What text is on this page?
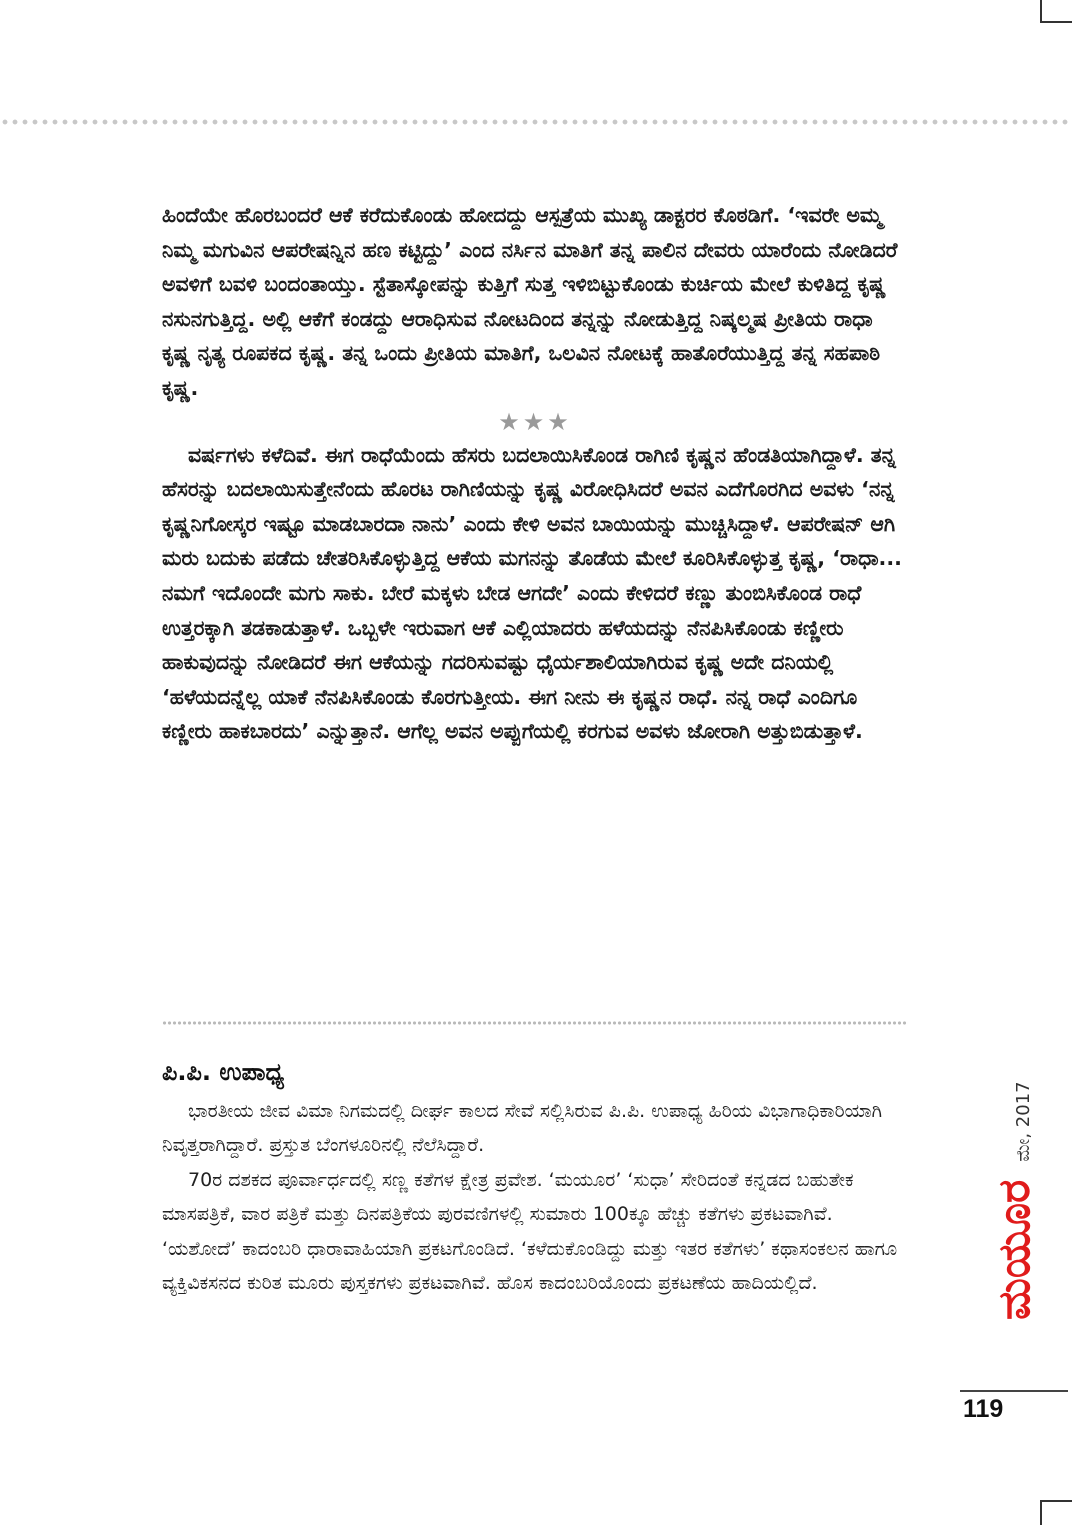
ಹಿಂದೆಯೇ ಹೊರಬಂದರೆ ಆಕೆ ಕರೆದುಕೊಂಡು ಹೋದದ್ದು ಆಸ್ಪತ್ರೆಯ ಮುಖ್ಯ ಡಾಕ್ಟರರ ಕೊಠಡಿಗೆ. ‘ಇವರೇ ಅಮ್ಮ ನಿಮ್ಮ ಮಗುವಿನ ಆಪರೇಷನ್ನಿನ ಹಣ ಕಟ್ಟಿದ್ದು’ ಎಂದ ನರ್ಸಿನ ಮಾತಿಗೆ ತನ್ನ ಪಾಲಿನ ದೇವರು ಯಾರೆಂದು ನೋಡಿದರೆ ಅವಳಿಗೆ ಬವಳಿ ಬಂದಂತಾಯ್ತು. ಸ್ಟೆತಾಸ್ಕೋಪನ್ನು ಕುತ್ತಿಗೆ ಸುತ್ತ ಇಳಿಬಿಟ್ಟುಕೊಂಡು ಕುರ್ಚಿಯ ಮೇಲೆ ಕುಳಿತಿದ್ದ ಕೃಷ್ಣ ನಸುನಗುತ್ತಿದ್ದ. ಅಲ್ಲಿ ಆಕೆಗೆ ಕಂಡದ್ದು ಆರಾಧಿಸುವ ನೋಟದಿಂದ ತನ್ನನ್ನು ನೋಡುತ್ತಿದ್ದ ನಿಷ್ಕಲ್ಮಷ ಪ್ರೀತಿಯ ರಾಧಾ ಕೃಷ್ಣ ನೃತ್ಯ ರೂಪಕದ ಕೃಷ್ಣ. ತನ್ನ ಒಂದು ಪ್ರೀತಿಯ ಮಾತಿಗೆ, ಒಲವಿನ ನೋಟಕ್ಕೆ ಹಾತೊರೆಯುತ್ತಿದ್ದ ತನ್ನ ಸಹಪಾಠಿ ಕೃಷ್ಣ.

★★★

ವರ್ಷಗಳು ಕಳೆದಿವೆ. ಈಗ ರಾಧೆಯೆಂದು ಹೆಸರು ಬದಲಾಯಿಸಿಕೊಂಡ ರಾಗಿಣಿ ಕೃಷ್ಣನ ಹೆಂಡತಿಯಾಗಿದ್ದಾಳೆ. ತನ್ನ ಹೆಸರನ್ನು ಬದಲಾಯಿಸುತ್ತೇನೆಂದು ಹೊರಟ ರಾಗಿಣಿಯನ್ನು ಕೃಷ್ಣ ವಿರೋಧಿಸಿದರೆ ಅವನ ಎದೆಗೊರಗಿದ ಅವಳು ‘ನನ್ನ ಕೃಷ್ಣನಿಗೋಸ್ಕರ ಇಷ್ಟೂ ಮಾಡಬಾರದಾ ನಾನು’ ಎಂದು ಕೇಳಿ ಅವನ ಬಾಯಿಯನ್ನು ಮುಚ್ಚಿಸಿದ್ದಾಳೆ. ಆಪರೇಷನ್ ಆಗಿ ಮರು ಬದುಕು ಪಡೆದು ಚೇತರಿಸಿಕೊಳ್ಳುತ್ತಿದ್ದ ಆಕೆಯ ಮಗನನ್ನು ತೊಡೆಯ ಮೇಲೆ ಕೂರಿಸಿಕೊಳ್ಳುತ್ತ ಕೃಷ್ಣ, ‘ರಾಧಾ... ನಮಗೆ ಇದೊಂದೇ ಮಗು ಸಾಕು. ಬೇರೆ ಮಕ್ಕಳು ಬೇಡ ಆಗದೇ’ ಎಂದು ಕೇಳಿದರೆ ಕಣ್ಣು ತುಂಬಿಸಿಕೊಂಡ ರಾಧೆ ಉತ್ತರಕ್ಕಾಗಿ ತಡಕಾಡುತ್ತಾಳೆ. ಒಬ್ಬಳೇ ಇರುವಾಗ ಆಕೆ ಎಲ್ಲಿಯಾದರು ಹಳೆಯದನ್ನು ನೆನಪಿಸಿಕೊಂಡು ಕಣ್ಣೀರು ಹಾಕುವುದನ್ನು ನೋಡಿದರೆ ಈಗ ಆಕೆಯನ್ನು ಗದರಿಸುವಷ್ಟು ಧೈರ್ಯಶಾಲಿಯಾಗಿರುವ ಕೃಷ್ಣ ಅದೇ ದನಿಯಲ್ಲಿ ‘ಹಳೆಯದನ್ನೆಲ್ಲ ಯಾಕೆ ನೆನಪಿಸಿಕೊಂಡು ಕೊರಗುತ್ತೀಯ. ಈಗ ನೀನು ಈ ಕೃಷ್ಣನ ರಾಧೆ. ನನ್ನ ರಾಧೆ ಎಂದಿಗೂ ಕಣ್ಣೀರು ಹಾಕಬಾರದು’ ಎನ್ನುತ್ತಾನೆ. ಆಗೆಲ್ಲ ಅವನ ಅಪ್ಪುಗೆಯಲ್ಲಿ ಕರಗುವ ಅವಳು ಜೋರಾಗಿ ಅತ್ತುಬಿಡುತ್ತಾಳೆ.

ಪಿ.ಪಿ. ಉಪಾಧ್ಯ

ಭಾರತೀಯ ಜೀವ ವಿಮಾ ನಿಗಮದಲ್ಲಿ ದೀರ್ಘ ಕಾಲದ ಸೇವೆ ಸಲ್ಲಿಸಿರುವ ಪಿ.ಪಿ. ಉಪಾಧ್ಯ ಹಿರಿಯ ವಿಭಾಗಾಧಿಕಾರಿಯಾಗಿ ನಿವೃತ್ತರಾಗಿದ್ದಾರೆ. ಪ್ರಸ್ತುತ ಬೆಂಗಳೂರಿನಲ್ಲಿ ನೆಲೆಸಿದ್ದಾರೆ.

70ರ ದಶಕದ ಪೂರ್ವಾರ್ಧದಲ್ಲಿ ಸಣ್ಣ ಕತೆಗಳ ಕ್ಷೇತ್ರ ಪ್ರವೇಶ. ‘ಮಯೂರ’ ‘ಸುಧಾ’ ಸೇರಿದಂತೆ ಕನ್ನಡದ ಬಹುತೇಕ ಮಾಸಪತ್ರಿಕೆ, ವಾರ ಪತ್ರಿಕೆ ಮತ್ತು ದಿನಪತ್ರಿಕೆಯ ಪುರವಣಿಗಳಲ್ಲಿ ಸುಮಾರು 100ಕ್ಕೂ ಹೆಚ್ಚು ಕತೆಗಳು ಪ್ರಕಟವಾಗಿವೆ. ‘ಯಶೋದೆ’ ಕಾದಂಬರಿ ಧಾರಾವಾಹಿಯಾಗಿ ಪ್ರಕಟಗೊಂಡಿದೆ. ‘ಕಳೆದುಕೊಂಡಿದ್ದು ಮತ್ತು ಇತರ ಕತೆಗಳು’ ಕಥಾಸಂಕಲನ ಹಾಗೂ ವ್ಯಕ್ತಿವಿಕಸನದ ಕುರಿತ ಮೂರು ಪುಸ್ತಕಗಳು ಪ್ರಕಟವಾಗಿವೆ. ಹೊಸ ಕಾದಂಬರಿಯೊಂದು ಪ್ರಕಟಣೆಯ ಹಾದಿಯಲ್ಲಿದೆ.	ಮಯೂರ
ಮೇ, 2017
119
